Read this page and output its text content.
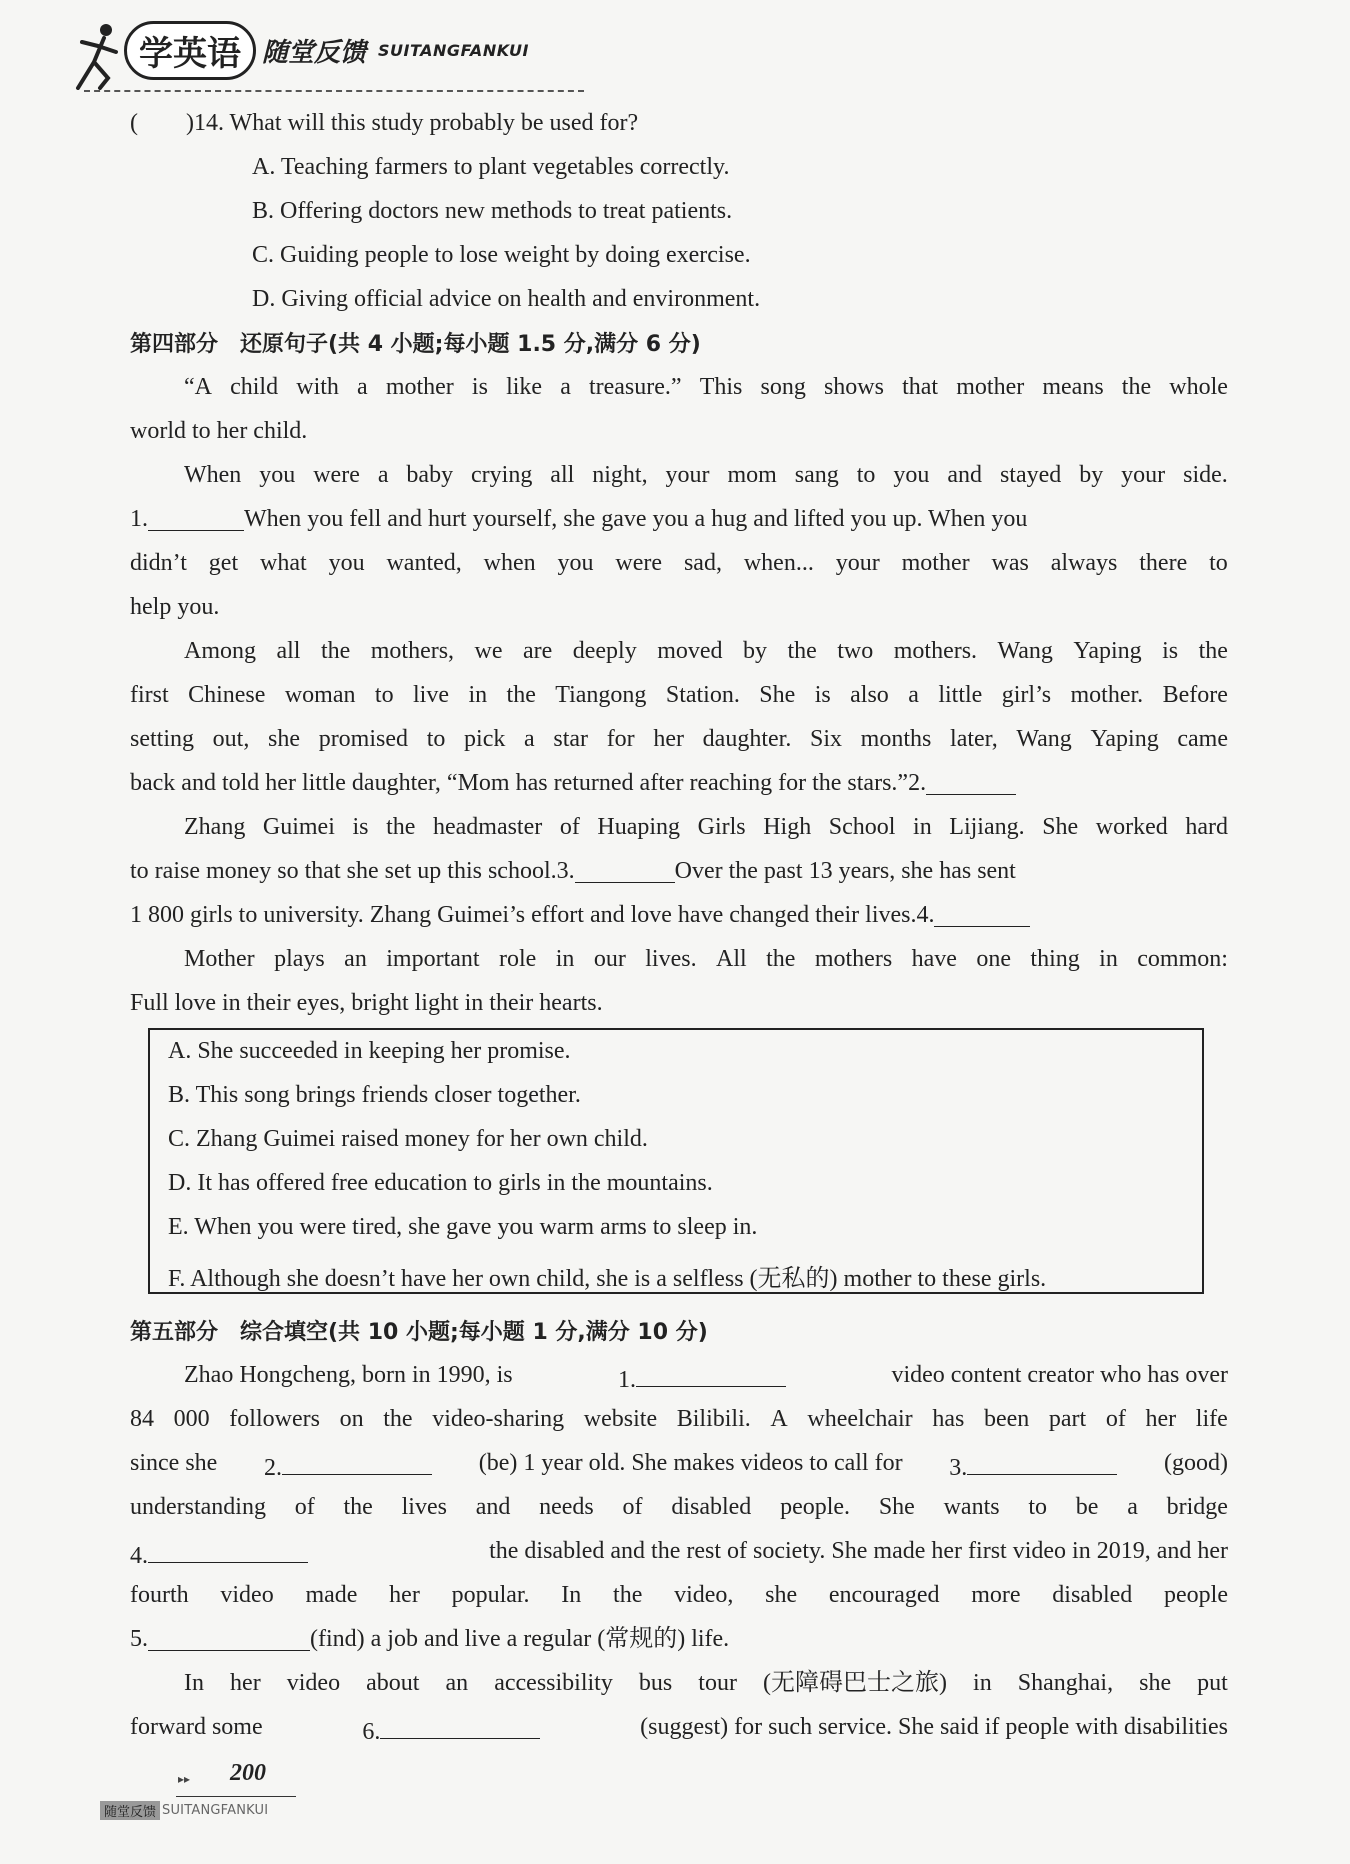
学英语 随堂反馈 SUITANGFANKUI
(　　)14. What will this study probably be used for?
A. Teaching farmers to plant vegetables correctly.
B. Offering doctors new methods to treat patients.
C. Guiding people to lose weight by doing exercise.
D. Giving official advice on health and environment.
第四部分　还原句子(共 4 小题;每小题 1.5 分,满分 6 分)
“A child with a mother is like a treasure.” This song shows that mother means the whole
world to her child.
When you were a baby crying all night, your mom sang to you and stayed by your side.
1.	When you fell and hurt yourself, she gave you a hug and lifted you up. When you
didn’t get what you wanted, when you were sad, when... your mother was always there to
help you.
Among all the mothers, we are deeply moved by the two mothers. Wang Yaping is the
first Chinese woman to live in the Tiangong Station. She is also a little girl’s mother. Before
setting out, she promised to pick a star for her daughter. Six months later, Wang Yaping came
back and told her little daughter, “Mom has returned after reaching for the stars.” 2.
Zhang Guimei is the headmaster of Huaping Girls High School in Lijiang. She worked hard
to raise money so that she set up this school. 3.	Over the past 13 years, she has sent
1 800 girls to university. Zhang Guimei’s effort and love have changed their lives. 4.
Mother plays an important role in our lives. All the mothers have one thing in common:
Full love in their eyes, bright light in their hearts.
A. She succeeded in keeping her promise.
B. This song brings friends closer together.
C. Zhang Guimei raised money for her own child.
D. It has offered free education to girls in the mountains.
E. When you were tired, she gave you warm arms to sleep in.
F. Although she doesn’t have her own child, she is a selfless (无私的) mother to these girls.
第五部分　综合填空(共 10 小题;每小题 1 分,满分 10 分)
Zhao Hongcheng, born in 1990, is	1.	video content creator who has over
84 000 followers on the video-sharing website Bilibili. A wheelchair has been part of her life
since she 2.	(be) 1 year old. She makes videos to call for 3.	(good)
understanding of the lives and needs of disabled people. She wants to be a bridge
4.	the disabled and the rest of society. She made her first video in 2019, and her
fourth video made her popular. In the video, she encouraged more disabled people
5.	(find) a job and live a regular (常规的) life.
In her video about an accessibility bus tour (无障碍巴士之旅) in Shanghai, she put
forward some	6.	(suggest) for such service. She said if people with disabilities
▸▸ 200
随堂反馈 SUITANGFANKUI
